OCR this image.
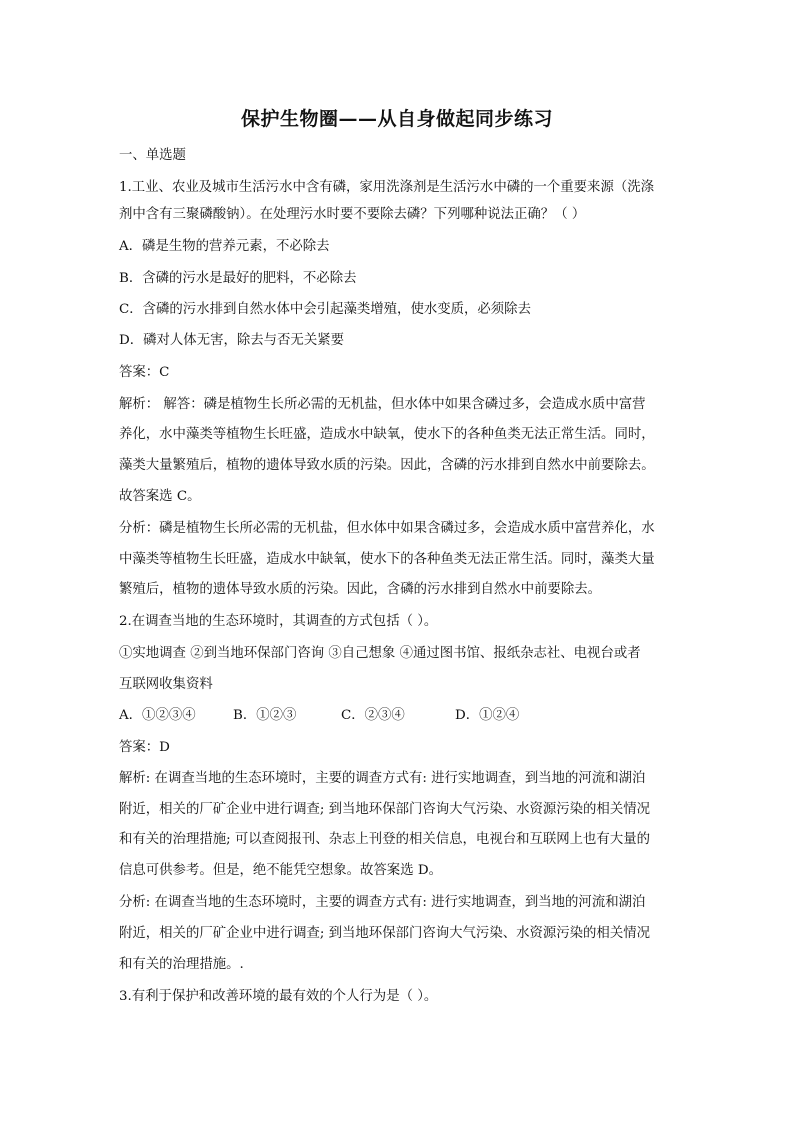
保护生物圈——从自身做起同步练习
一、单选题
1.工业、农业及城市生活污水中含有磷，家用洗涤剂是生活污水中磷的一个重要来源（洗涤
剂中含有三聚磷酸钠）。在处理污水时要不要除去磷？下列哪种说法正确？（ ）
A．磷是生物的营养元素，不必除去
B．含磷的污水是最好的肥料，不必除去
C．含磷的污水排到自然水体中会引起藻类增殖，使水变质，必须除去
D．磷对人体无害，除去与否无关紧要
答案：C
解析： 解答：磷是植物生长所必需的无机盐，但水体中如果含磷过多，会造成水质中富营
养化，水中藻类等植物生长旺盛，造成水中缺氧，使水下的各种鱼类无法正常生活。同时，
藻类大量繁殖后，植物的遗体导致水质的污染。因此，含磷的污水排到自然水中前要除去。
故答案选 C。
分析：磷是植物生长所必需的无机盐，但水体中如果含磷过多，会造成水质中富营养化，水
中藻类等植物生长旺盛，造成水中缺氧，使水下的各种鱼类无法正常生活。同时，藻类大量
繁殖后，植物的遗体导致水质的污染。因此，含磷的污水排到自然水中前要除去。
2.在调查当地的生态环境时，其调查的方式包括（ ）。
①实地调查 ②到当地环保部门咨询 ③自己想象 ④通过图书馆、报纸杂志社、电视台或者
互联网收集资料
A．①②③④	B．①②③	C．②③④	D．①②④
答案：D
解析: 在调查当地的生态环境时，主要的调查方式有: 进行实地调查，到当地的河流和湖泊
附近，相关的厂矿企业中进行调查; 到当地环保部门咨询大气污染、水资源污染的相关情况
和有关的治理措施; 可以查阅报刊、杂志上刊登的相关信息，电视台和互联网上也有大量的
信息可供参考。但是，绝不能凭空想象。故答案选 D。
分析: 在调查当地的生态环境时，主要的调查方式有: 进行实地调查，到当地的河流和湖泊
附近，相关的厂矿企业中进行调查; 到当地环保部门咨询大气污染、水资源污染的相关情况
和有关的治理措施。.
3.有利于保护和改善环境的最有效的个人行为是（ ）。
